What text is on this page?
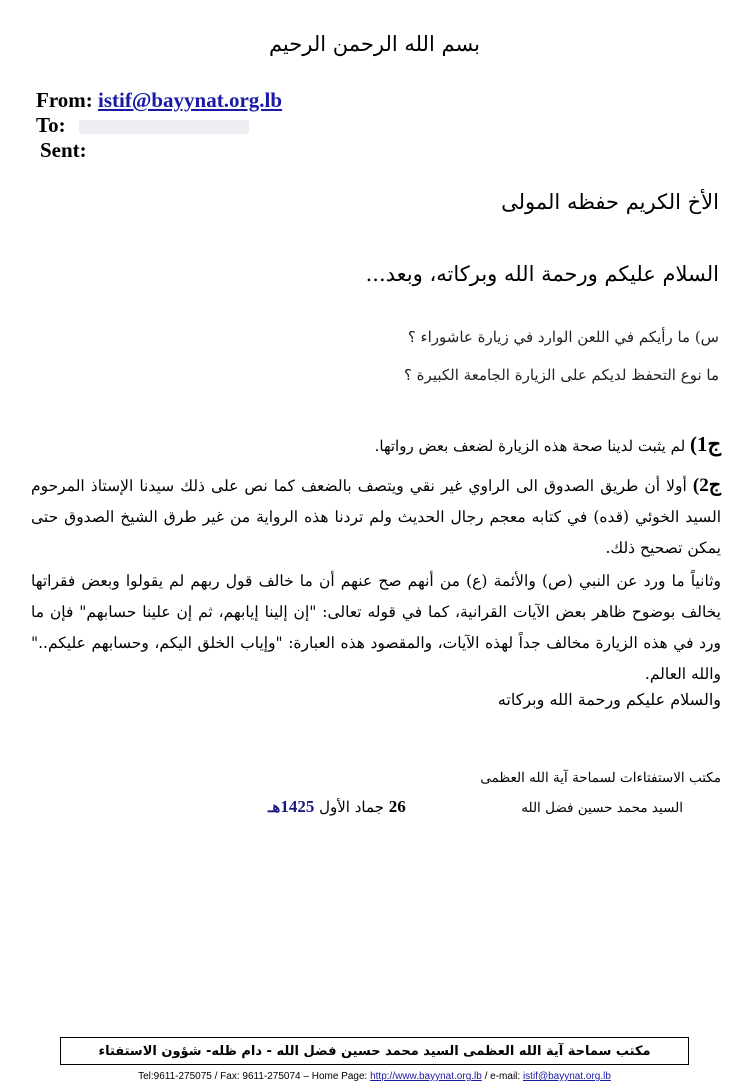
بسم الله الرحمن الرحيم
From: istif@bayynat.org.lb
To:
Sent:
الأخ الكريم حفظه المولى
السلام عليكم ورحمة الله وبركاته، وبعد...
س) ما رأيكم في اللعن الوارد في زيارة عاشوراء ؟
ما نوع التحفظ لديكم على الزيارة الجامعة الكبيرة ؟
ج1) لم يثبت لدينا صحة هذه الزيارة لضعف بعض رواتها.
ج2) أولا أن طريق الصدوق الى الراوي غير نقي ويتصف بالضعف كما نص على ذلك سيدنا الإستاذ المرحوم السيد الخوئي (قده) في كتابه معجم رجال الحديث ولم تردنا هذه الرواية من غير طرق الشيخ الصدوق حتى يمكن تصحيح ذلك.
وثانياً ما ورد عن النبي (ص) والأئمة (ع) من أنهم صح عنهم أن ما خالف قول ربهم لم يقولوا وبعض فقراتها يخالف بوضوح ظاهر بعض الآيات القرانية، كما في قوله تعالى: "إن إلينا إيابهم، ثم إن علينا حسابهم" فإن ما ورد في هذه الزيارة مخالف جداً لهذه الآيات، والمقصود هذه العبارة: "وإياب الخلق اليكم، وحسابهم عليكم.." والله العالم.
والسلام عليكم ورحمة الله وبركاته
مكتب الاستفتاءات لسماحة آية الله العظمى
السيد محمد حسين فضل الله
26 جماد الأول 1425هـ
مكتب سماحة آية الله العظمى السيد محمد حسين فضل الله - دام ظله- شؤون الاستفتاء
Tel:9611-275075 / Fax: 9611-275074 – Home Page: http://www.bayynat.org.lb / e-mail: istif@bayynat.org.lb
